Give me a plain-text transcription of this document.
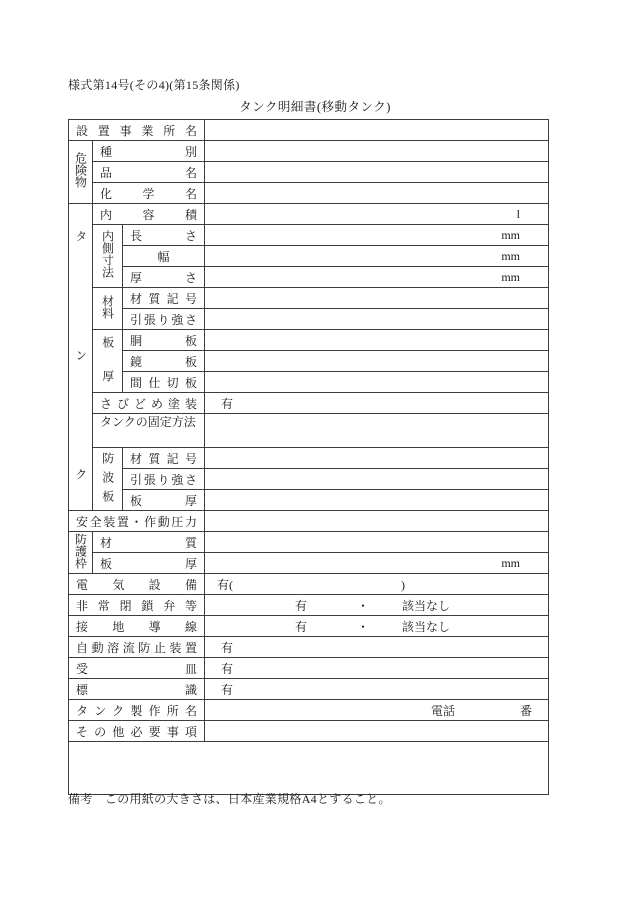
様式第14号(その4)(第15条関係)
タンク明細書(移動タンク)
設置事業所名			
危険物	種別		
	品名		
	化学名		
タンク	内容積		l
	内側寸法	長さ	mm
		幅	mm
		厚さ	mm
	材料	材質記号	
		引張り強さ	
	板厚	胴板	
		鏡板	
		間仕切板	
	さびどめ塗装		有
	タンクの固定方法		
	防波板	材質記号	
		引張り強さ	
		板厚	
安全装置・作動圧力			
防護枠	材質		
	板厚		mm
電気設備			有( )
非常閉鎖弁等			有 ・ 該当なし
接地導線			有 ・ 該当なし
自動溶流防止装置			有
受皿			有
標識			有
タンク製作所名			電話 番
その他必要事項			

備考　この用紙の大きさは、日本産業規格A4とすること。
